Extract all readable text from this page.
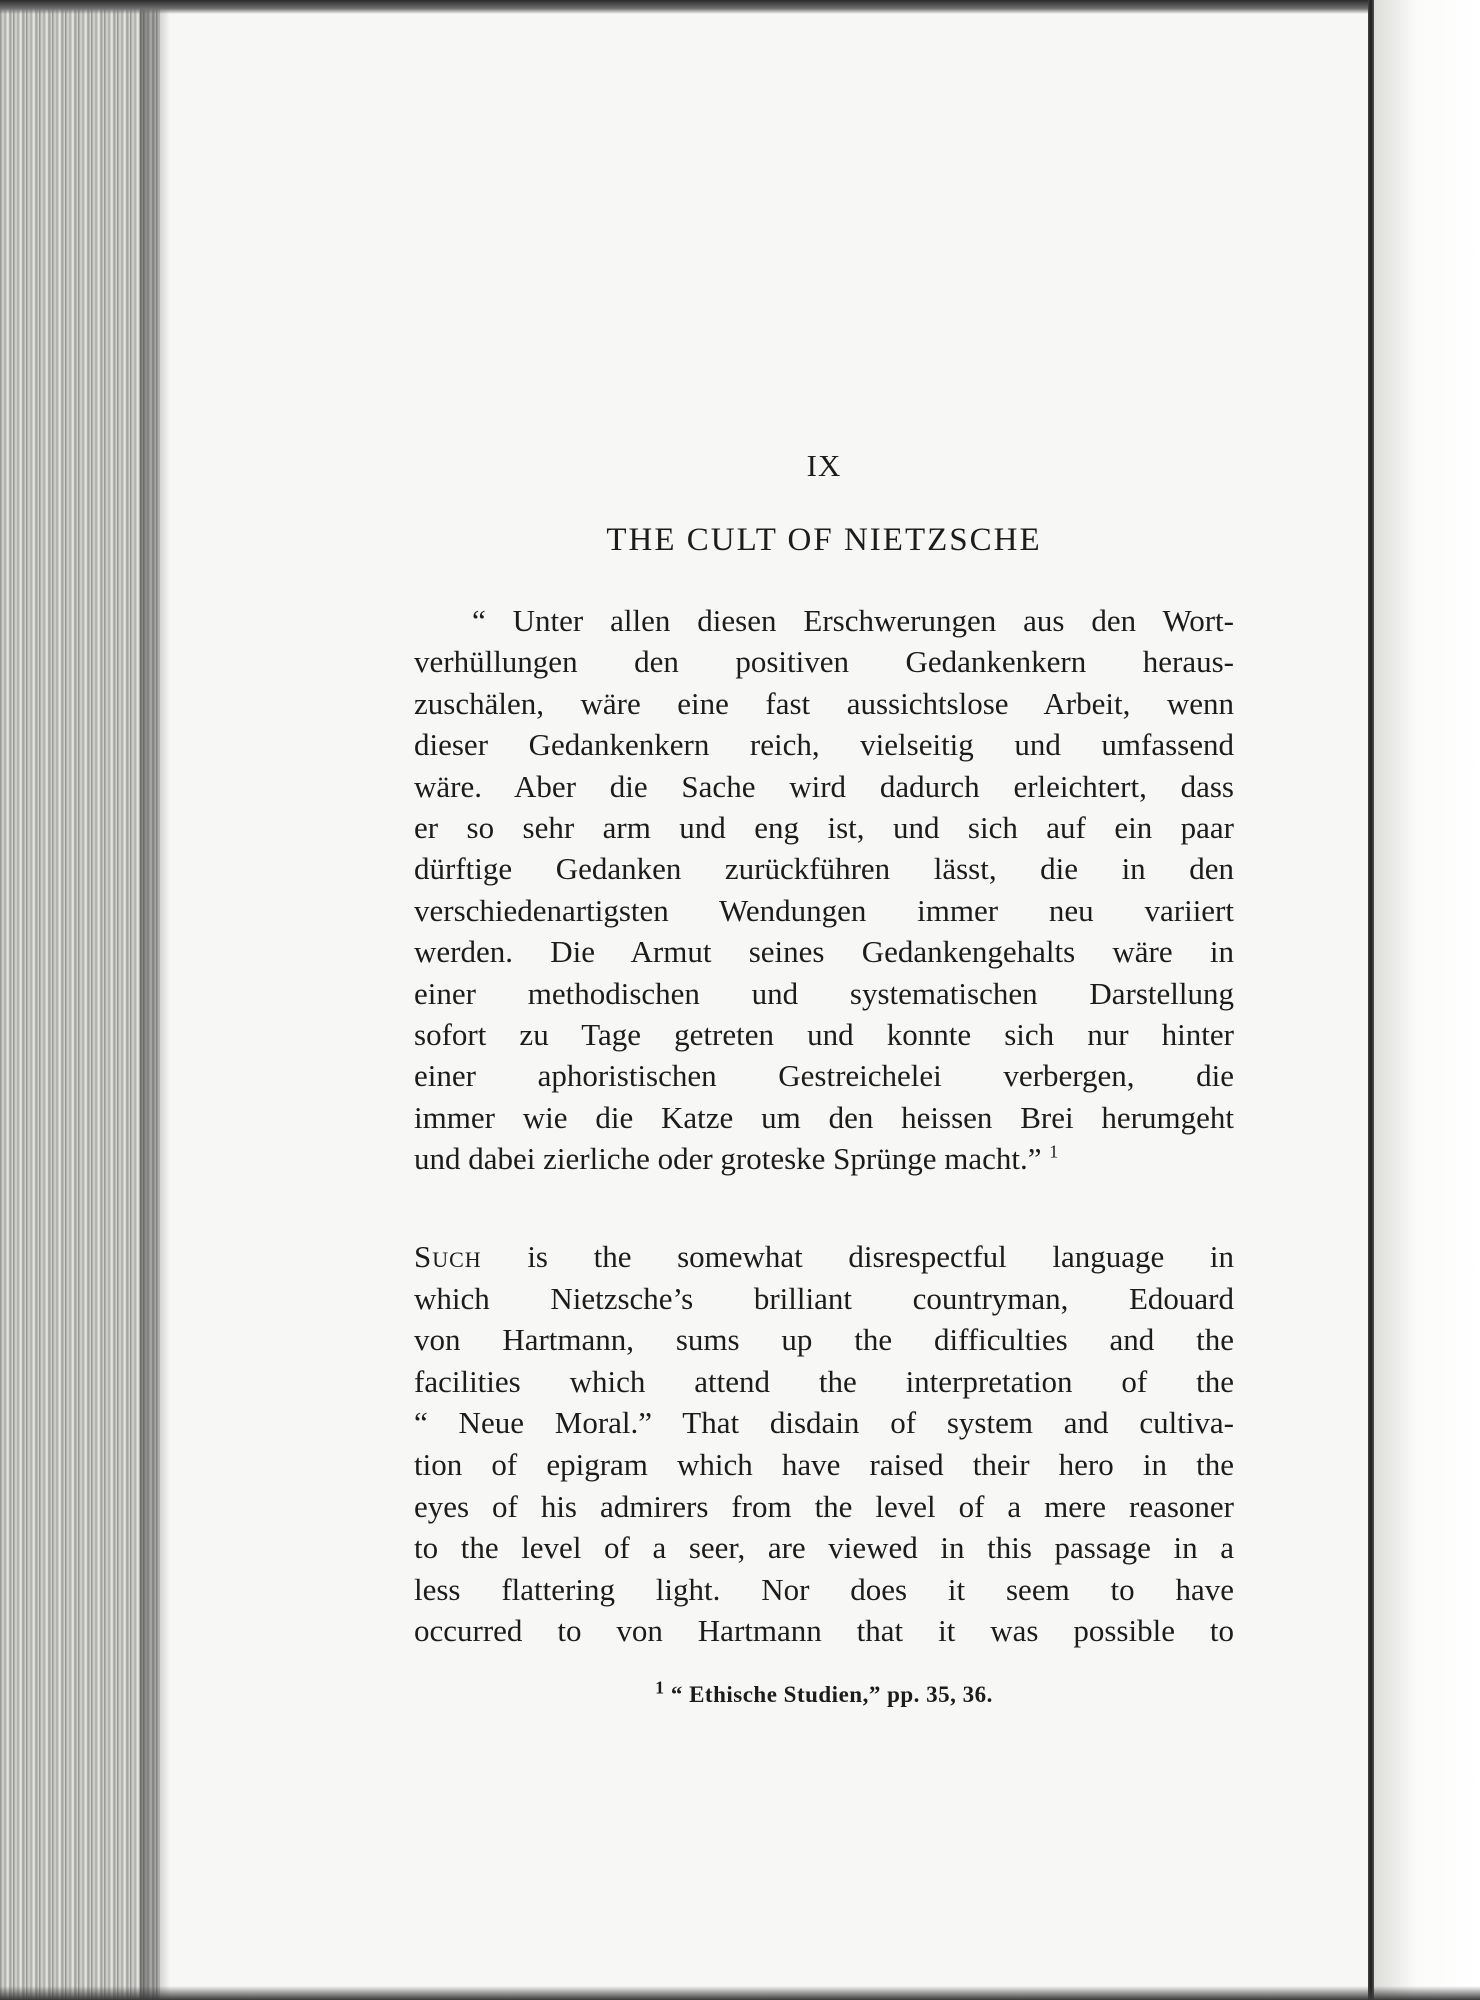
IX
THE CULT OF NIETZSCHE
“ Unter allen diesen Erschwerungen aus den Wort-
verhüllungen den positiven Gedankenkern heraus-
zuschälen, wäre eine fast aussichtslose Arbeit, wenn
dieser Gedankenkern reich, vielseitig und umfassend
wäre. Aber die Sache wird dadurch erleichtert, dass
er so sehr arm und eng ist, und sich auf ein paar
dürftige Gedanken zurückführen lässt, die in den
verschiedenartigsten Wendungen immer neu variiert
werden. Die Armut seines Gedankengehalts wäre in
einer methodischen und systematischen Darstellung
sofort zu Tage getreten und konnte sich nur hinter
einer aphoristischen Gestreichelei verbergen, die
immer wie die Katze um den heissen Brei herumgeht
und dabei zierliche oder groteske Sprünge macht.” $^1$
Such is the somewhat disrespectful language in
which Nietzsche’s brilliant countryman, Edouard
von Hartmann, sums up the difficulties and the
facilities which attend the interpretation of the
“ Neue Moral.” That disdain of system and cultiva-
tion of epigram which have raised their hero in the
eyes of his admirers from the level of a mere reasoner
to the level of a seer, are viewed in this passage in a
less flattering light. Nor does it seem to have
occurred to von Hartmann that it was possible to
$^1$ “ Ethische Studien,” pp. 35, 36.
